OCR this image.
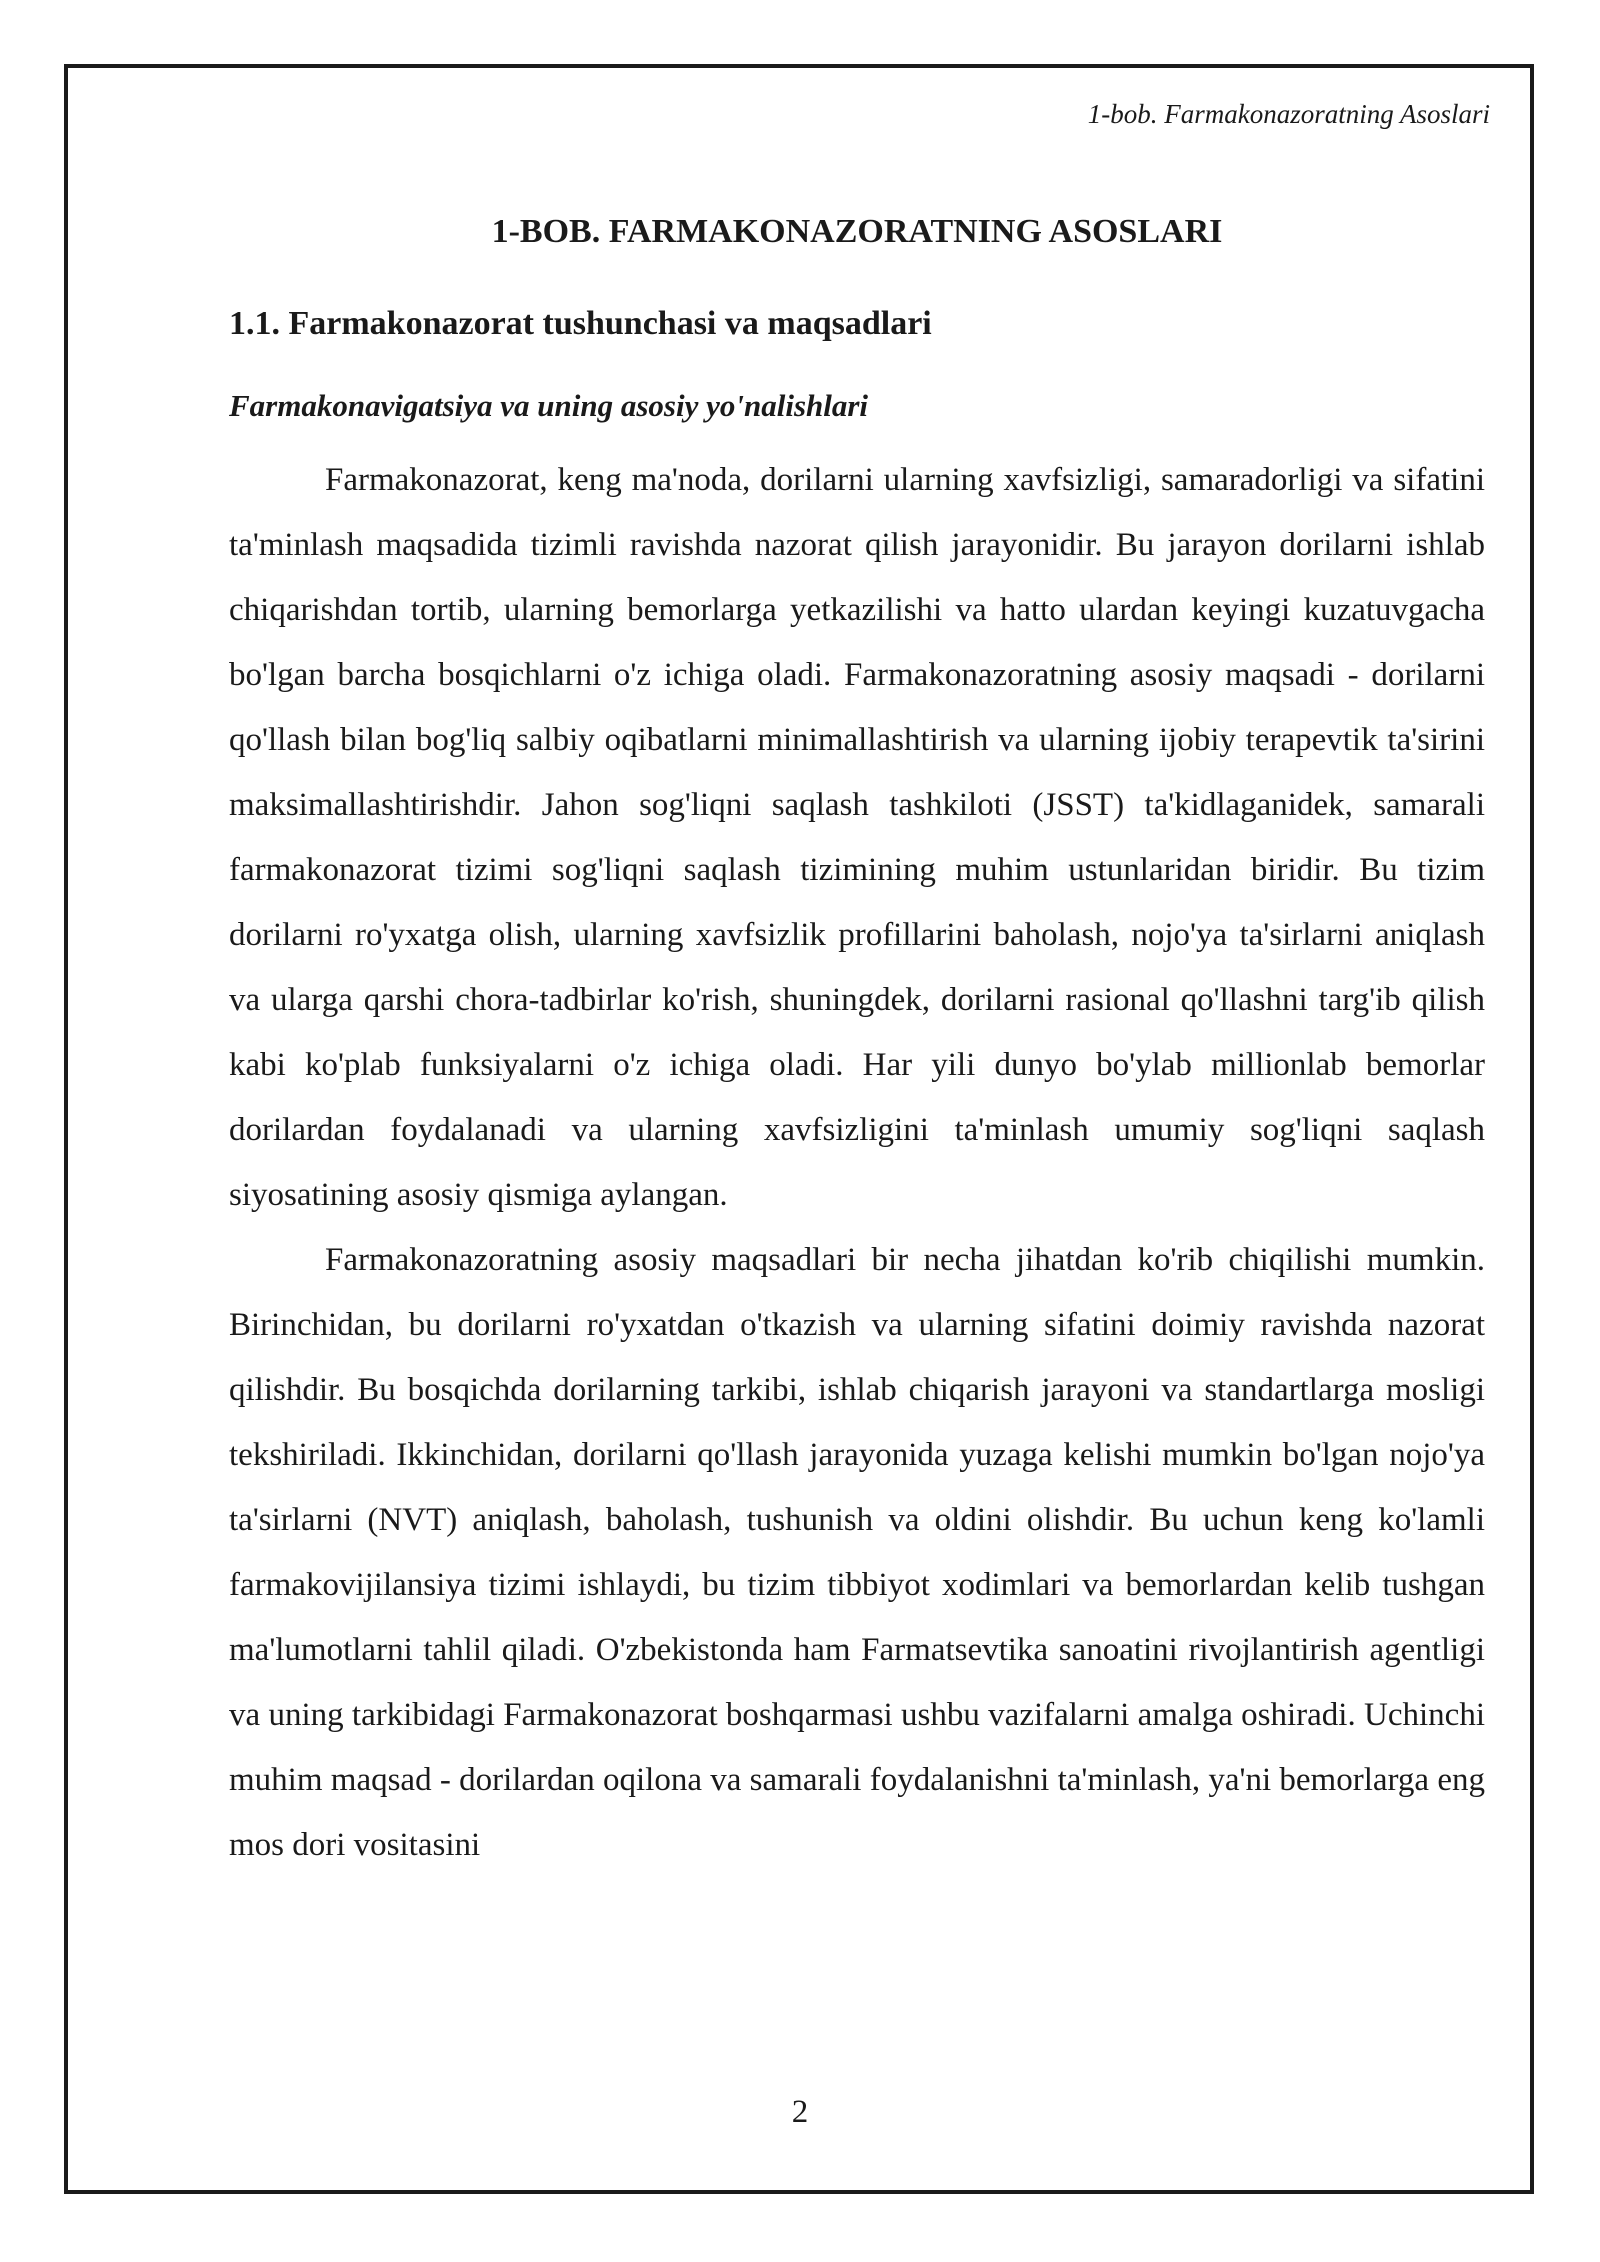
1-bob. Farmakonazoratning Asoslari
1-BOB. FARMAKONAZORATNING ASOSLARI
1.1. Farmakonazorat tushunchasi va maqsadlari
Farmakonavigatsiya va uning asosiy yo'nalishlari

Farmakonazorat, keng ma'noda, dorilarni ularning xavfsizligi, samaradorligi va sifatini ta'minlash maqsadida tizimli ravishda nazorat qilish jarayonidir. Bu jarayon dorilarni ishlab chiqarishdan tortib, ularning bemorlarga yetkazilishi va hatto ulardan keyingi kuzatuvgacha bo'lgan barcha bosqichlarni o'z ichiga oladi. Farmakonazoratning asosiy maqsadi - dorilarni qo'llash bilan bog'liq salbiy oqibatlarni minimallashtirish va ularning ijobiy terapevtik ta'sirini maksimallashtirishdir. Jahon sog'liqni saqlash tashkiloti (JSST) ta'kidlaganidek, samarali farmakonazorat tizimi sog'liqni saqlash tizimining muhim ustunlaridan biridir. Bu tizim dorilarni ro'yxatga olish, ularning xavfsizlik profillarini baholash, nojo'ya ta'sirlarni aniqlash va ularga qarshi chora-tadbirlar ko'rish, shuningdek, dorilarni rasional qo'llashni targ'ib qilish kabi ko'plab funksiyalarni o'z ichiga oladi. Har yili dunyo bo'ylab millionlab bemorlar dorilardan foydalanadi va ularning xavfsizligini ta'minlash umumiy sog'liqni saqlash siyosatining asosiy qismiga aylangan.

Farmakonazoratning asosiy maqsadlari bir necha jihatdan ko'rib chiqilishi mumkin. Birinchidan, bu dorilarni ro'yxatdan o'tkazish va ularning sifatini doimiy ravishda nazorat qilishdir. Bu bosqichda dorilarning tarkibi, ishlab chiqarish jarayoni va standartlarga mosligi tekshiriladi. Ikkinchidan, dorilarni qo'llash jarayonida yuzaga kelishi mumkin bo'lgan nojo'ya ta'sirlarni (NVT) aniqlash, baholash, tushunish va oldini olishdir. Bu uchun keng ko'lamli farmakovijilansiya tizimi ishlaydi, bu tizim tibbiyot xodimlari va bemorlardan kelib tushgan ma'lumotlarni tahlil qiladi. O'zbekistonda ham Farmatsevtika sanoatini rivojlantirish agentligi va uning tarkibidagi Farmakonazorat boshqarmasi ushbu vazifalarni amalga oshiradi. Uchinchi muhim maqsad - dorilardan oqilona va samarali foydalanishni ta'minlash, ya'ni bemorlarga eng mos dori vositasini

2
